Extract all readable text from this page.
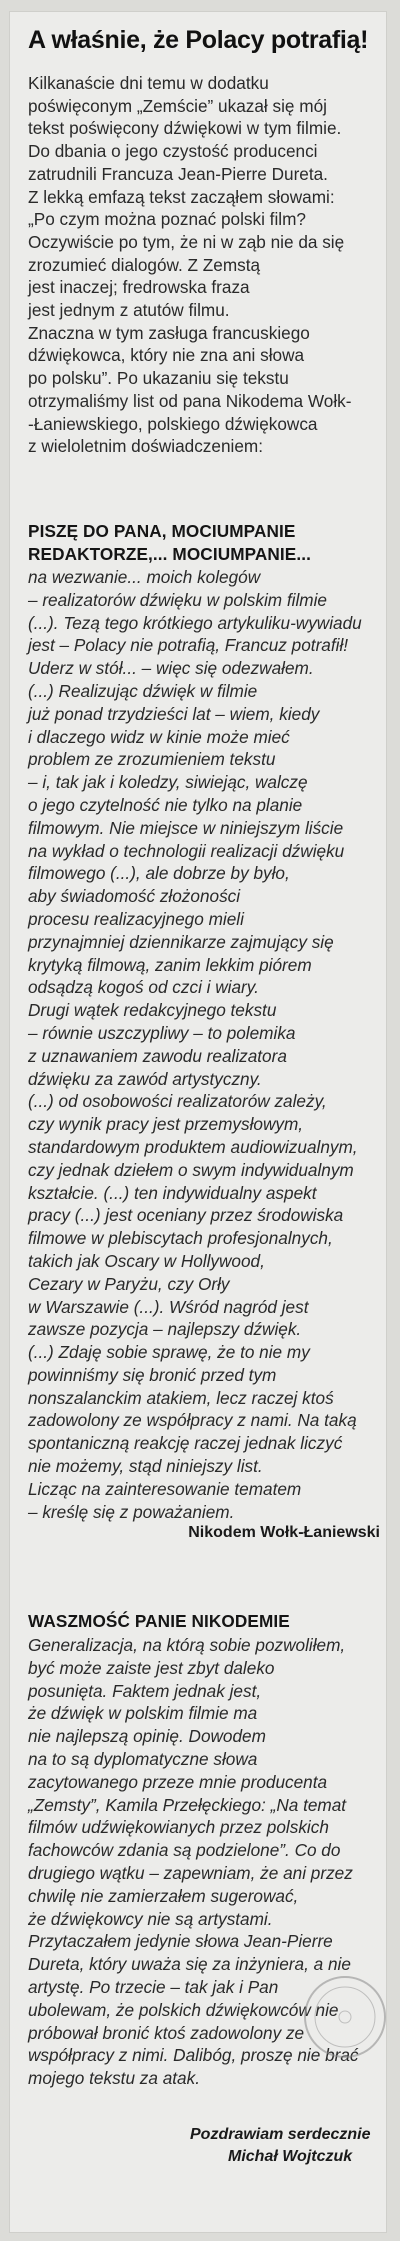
A właśnie, że Polacy potrafią!
Kilkanaście dni temu w dodatku
poświęconym „Zemście” ukazał się mój
tekst poświęcony dźwiękowi w tym filmie.
Do dbania o jego czystość producenci
zatrudnili Francuza Jean-Pierre Dureta.
Z lekką emfazą tekst zacząłem słowami:
„Po czym można poznać polski film?
Oczywiście po tym, że ni w ząb nie da się
zrozumieć dialogów. Z Zemstą
jest inaczej; fredrowska fraza
jest jednym z atutów filmu.
Znaczna w tym zasługa francuskiego
dźwiękowca, który nie zna ani słowa
po polsku”. Po ukazaniu się tekstu
otrzymaliśmy list od pana Nikodema Wołk-
-Łaniewskiego, polskiego dźwiękowca
z wieloletnim doświadczeniem:
PISZĘ DO PANA, MOCIUMPANIE
REDAKTORZE,... MOCIUMPANIE...
na wezwanie... moich kolegów
– realizatorów dźwięku w polskim filmie
(...). Tezą tego krótkiego artykuliku-wywiadu
jest – Polacy nie potrafią, Francuz potrafił!
Uderz w stół... – więc się odezwałem.
(...) Realizując dźwięk w filmie
już ponad trzydzieści lat – wiem, kiedy
i dlaczego widz w kinie może mieć
problem ze zrozumieniem tekstu
– i, tak jak i koledzy, siwiejąc, walczę
o jego czytelność nie tylko na planie
filmowym. Nie miejsce w niniejszym liście
na wykład o technologii realizacji dźwięku
filmowego (...), ale dobrze by było,
aby świadomość złożoności
procesu realizacyjnego mieli
przynajmniej dziennikarze zajmujący się
krytyką filmową, zanim lekkim piórem
odsądzą kogoś od czci i wiary.
Drugi wątek redakcyjnego tekstu
– równie uszczypliwy – to polemika
z uznawaniem zawodu realizatora
dźwięku za zawód artystyczny.
(...) od osobowości realizatorów zależy,
czy wynik pracy jest przemysłowym,
standardowym produktem audiowizualnym,
czy jednak dziełem o swym indywidualnym
kształcie. (...) ten indywidualny aspekt
pracy (...) jest oceniany przez środowiska
filmowe w plebiscytach profesjonalnych,
takich jak Oscary w Hollywood,
Cezary w Paryżu, czy Orły
w Warszawie (...). Wśród nagród jest
zawsze pozycja – najlepszy dźwięk.
(...) Zdaję sobie sprawę, że to nie my
powinniśmy się bronić przed tym
nonszalanckim atakiem, lecz raczej ktoś
zadowolony ze współpracy z nami. Na taką
spontaniczną reakcję raczej jednak liczyć
nie możemy, stąd niniejszy list.
Licząc na zainteresowanie tematem
– kreślę się z poważaniem.
Nikodem Wołk-Łaniewski
WASZMOŚĆ PANIE NIKODEMIE
Generalizacja, na którą sobie pozwoliłem,
być może zaiste jest zbyt daleko
posunięta. Faktem jednak jest,
że dźwięk w polskim filmie ma
nie najlepszą opinię. Dowodem
na to są dyplomatyczne słowa
zacytowanego przeze mnie producenta
„Zemsty”, Kamila Przełęckiego: „Na temat
filmów udźwiękowianych przez polskich
fachowców zdania są podzielone”. Co do
drugiego wątku – zapewniam, że ani przez
chwilę nie zamierzałem sugerować,
że dźwiękowcy nie są artystami.
Przytaczałem jedynie słowa Jean-Pierre
Dureta, który uważa się za inżyniera, a nie
artystę. Po trzecie – tak jak i Pan
ubolewam, że polskich dźwiękowców nie
próbował bronić ktoś zadowolony ze
współpracy z nimi. Dalibóg, proszę nie brać
mojego tekstu za atak.
Pozdrawiam serdecznie
Michał Wojtczuk
